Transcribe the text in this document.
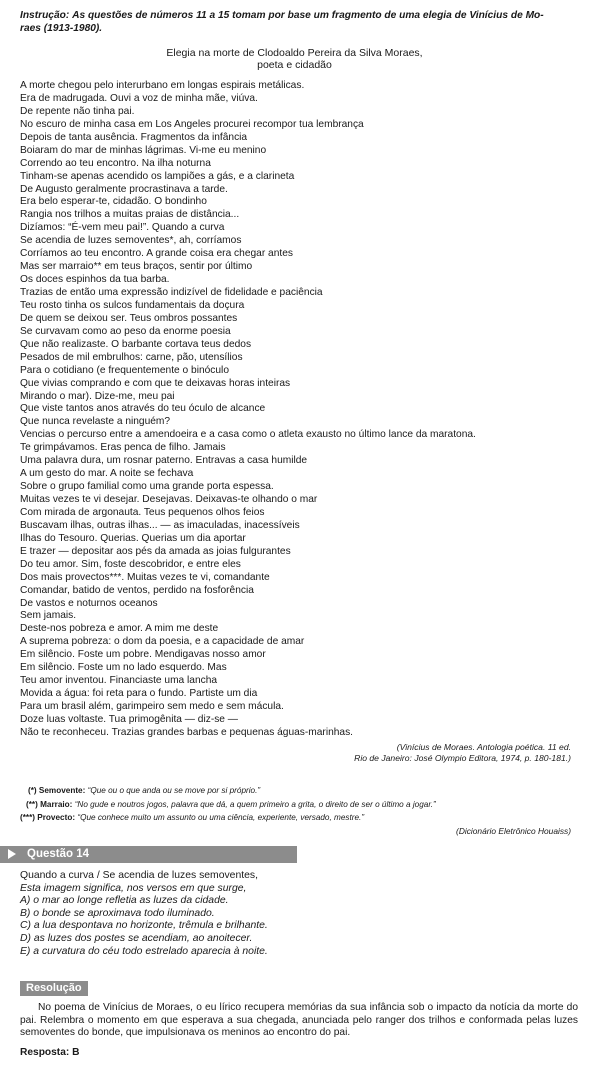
Instrução: As questões de números 11 a 15 tomam por base um fragmento de uma elegia de Vinícius de Mo-
raes (1913-1980).
Elegia na morte de Clodoaldo Pereira da Silva Moraes,
poeta e cidadão
A morte chegou pelo interurbano em longas espirais metálicas.
Era de madrugada. Ouvi a voz de minha mãe, viúva.
De repente não tinha pai.
No escuro de minha casa em Los Angeles procurei recompor tua lembrança
Depois de tanta ausência. Fragmentos da infância
Boiaram do mar de minhas lágrimas. Vi-me eu menino
Correndo ao teu encontro. Na ilha noturna
Tinham-se apenas acendido os lampiões a gás, e a clarineta
De Augusto geralmente procrastinava a tarde.
Era belo esperar-te, cidadão. O bondinho
Rangia nos trilhos a muitas praias de distância...
Dizíamos: “É-vem meu pai!”. Quando a curva
Se acendia de luzes semoventes*, ah, corríamos
Corríamos ao teu encontro. A grande coisa era chegar antes
Mas ser marraio** em teus braços, sentir por último
Os doces espinhos da tua barba.
Trazias de então uma expressão indizível de fidelidade e paciência
Teu rosto tinha os sulcos fundamentais da doçura
De quem se deixou ser. Teus ombros possantes
Se curvavam como ao peso da enorme poesia
Que não realizaste. O barbante cortava teus dedos
Pesados de mil embrulhos: carne, pão, utensílios
Para o cotidiano (e frequentemente o binóculo
Que vivias comprando e com que te deixavas horas inteiras
Mirando o mar). Dize-me, meu pai
Que viste tantos anos através do teu óculo de alcance
Que nunca revelaste a ninguém?
Vencias o percurso entre a amendoeira e a casa como o atleta exausto no último lance da maratona.
Te grimpávamos. Eras penca de filho. Jamais
Uma palavra dura, um rosnar paterno. Entravas a casa humilde
A um gesto do mar. A noite se fechava
Sobre o grupo familial como uma grande porta espessa.
Muitas vezes te vi desejar. Desejavas. Deixavas-te olhando o mar
Com mirada de argonauta. Teus pequenos olhos feios
Buscavam ilhas, outras ilhas... — as imaculadas, inacessíveis
Ilhas do Tesouro. Querias. Querias um dia aportar
E trazer — depositar aos pés da amada as joias fulgurantes
Do teu amor. Sim, foste descobridor, e entre eles
Dos mais provectos***. Muitas vezes te vi, comandante
Comandar, batido de ventos, perdido na fosforência
De vastos e noturnos oceanos
Sem jamais.
Deste-nos pobreza e amor. A mim me deste
A suprema pobreza: o dom da poesia, e a capacidade de amar
Em silêncio. Foste um pobre. Mendigavas nosso amor
Em silêncio. Foste um no lado esquerdo. Mas
Teu amor inventou. Financiaste uma lancha
Movida a água: foi reta para o fundo. Partiste um dia
Para um brasil além, garimpeiro sem medo e sem mácula.
Doze luas voltaste. Tua primogênita — diz-se —
Não te reconheceu. Trazias grandes barbas e pequenas águas-marinhas.
(Vinícius de Moraes. Antologia poética. 11 ed.
Rio de Janeiro: José Olympio Editora, 1974, p. 180-181.)
(*) Semovente: “Que ou o que anda ou se move por si próprio.”
(**) Marraio: “No gude e noutros jogos, palavra que dá, a quem primeiro a grita, o direito de ser o último a jogar.”
(***) Provecto: “Que conhece muito um assunto ou uma ciência, experiente, versado, mestre.”
(Dicionário Eletrônico Houaiss)
Questão 14
Quando a curva / Se acendia de luzes semoventes,
Esta imagem significa, nos versos em que surge,
A) o mar ao longe refletia as luzes da cidade.
B) o bonde se aproximava todo iluminado.
C) a lua despontava no horizonte, trêmula e brilhante.
D) as luzes dos postes se acendiam, ao anoitecer.
E) a curvatura do céu todo estrelado aparecia à noite.
Resolução
No poema de Vinícius de Moraes, o eu lírico recupera memórias da sua infância sob o impacto da notícia da morte do pai. Relembra o momento em que esperava a sua chegada, anunciada pelo ranger dos trilhos e conformada pelas luzes semoventes do bonde, que impulsionava os meninos ao encontro do pai.
Resposta: B
